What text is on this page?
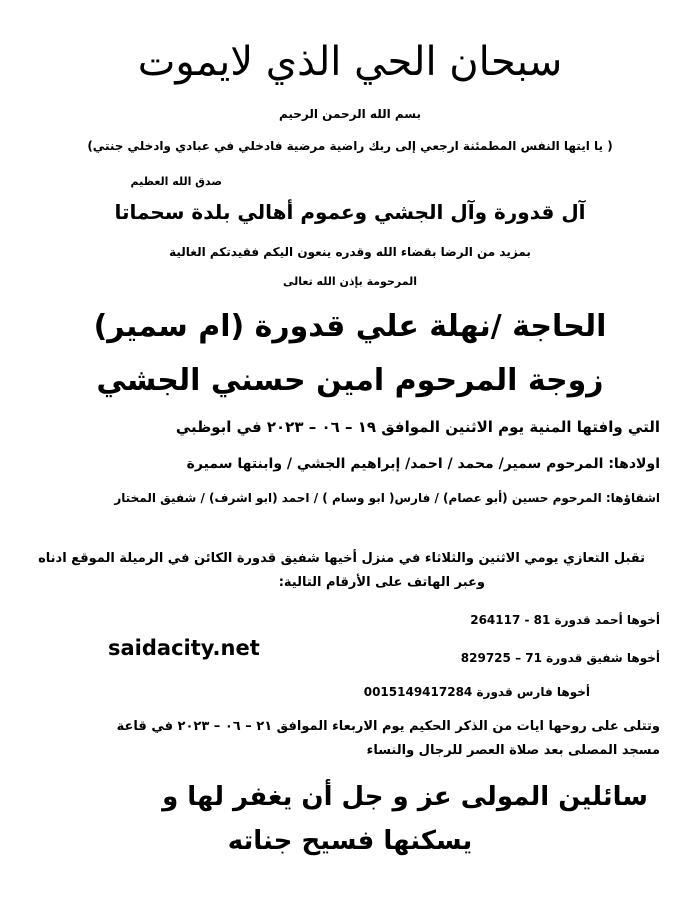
سبحان الحي الذي لايموت
بسم الله الرحمن الرحيم
( يا ايتها النفس المطمئنة ارجعي إلى ربك راضية مرضية فادخلي في عبادي وادخلي جنتي)
صدق الله العظيم
آل قدورة وآل الجشي وعموم أهالي بلدة سحماتا
بمزيد من الرضا بقضاء الله وقدره ينعون اليكم فقيدتكم الغالية
المرحومة بإذن الله تعالى
الحاجة /نهلة علي قدورة (ام سمير)
زوجة المرحوم امين حسني الجشي
التي وافتها المنية يوم الاثنين الموافق ١٩ – ٠٦ – ٢٠٢٣ في ابوظبي
اولادها: المرحوم سمير/ محمد / احمد/ إبراهيم الجشي / وابنتها سميرة
اشقاؤها: المرحوم حسين (أبو عصام) / فارس( ابو وسام ) / احمد (ابو اشرف) / شفيق المختار
تقبل التعازي يومي الاثنين والثلاثاء في منزل أخيها شفيق قدورة الكائن في الرميلة الموقع ادناه
وعبر الهاتف على الأرقام التالية:
أخوها أحمد قدورة 81 - 264117
أخوها شفيق قدورة 71 – 829725
أخوها فارس قدورة 0015149417284
saidacity.net
وتتلى على روحها ايات من الذكر الحكيم يوم الاربعاء الموافق ٢١ – ٠٦ – ٢٠٢٣ في قاعة
مسجد المصلى بعد صلاة العصر للرجال والنساء
سائلين المولى عز و جل أن يغفر لها و
يسكنها فسيح جناته
